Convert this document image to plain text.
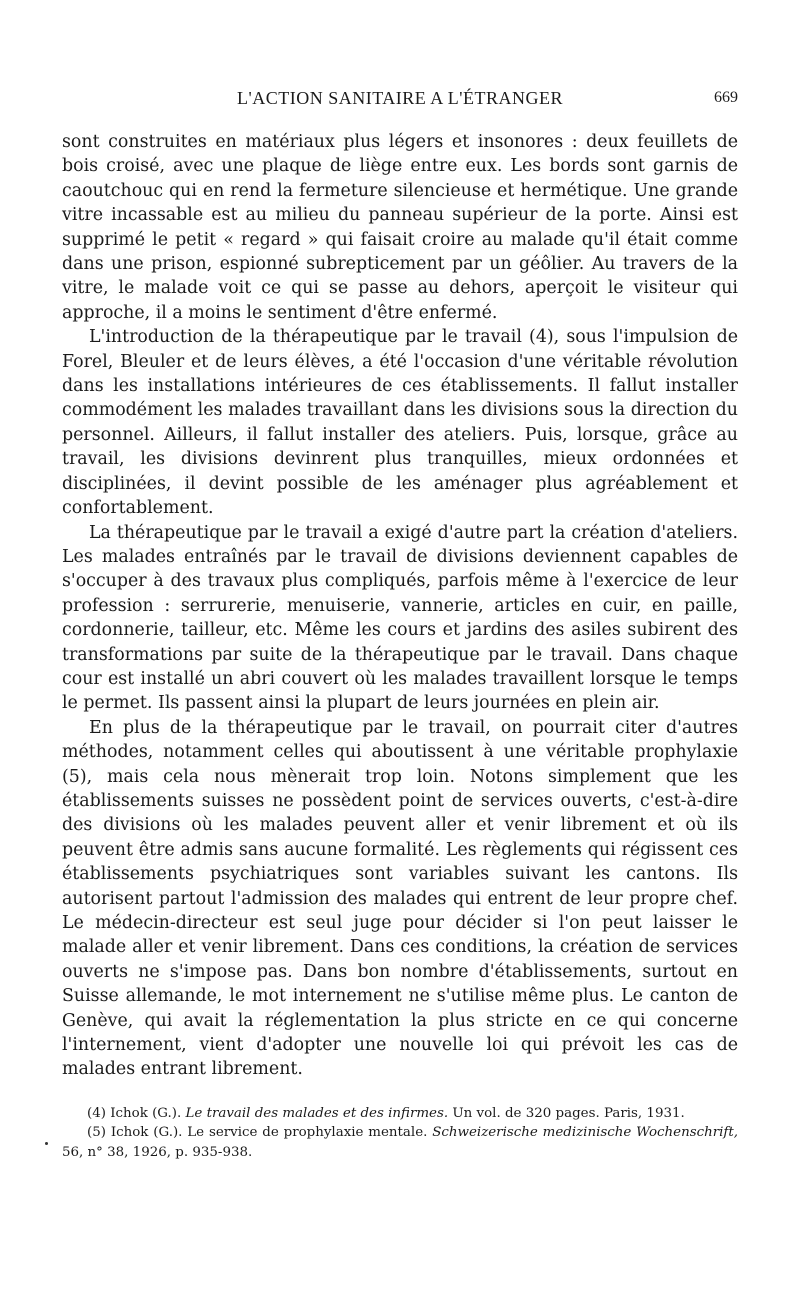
L'ACTION SANITAIRE A L'ÉTRANGER	669

sont construites en matériaux plus légers et insonores : deux feuillets de bois croisé, avec une plaque de liège entre eux. Les bords sont garnis de caoutchouc qui en rend la fermeture silencieuse et hermétique. Une grande vitre incassable est au milieu du panneau supérieur de la porte. Ainsi est supprimé le petit « regard » qui faisait croire au malade qu'il était comme dans une prison, espionné subrepticement par un géôlier. Au travers de la vitre, le malade voit ce qui se passe au dehors, aperçoit le visiteur qui approche, il a moins le sentiment d'être enfermé.

L'introduction de la thérapeutique par le travail (4), sous l'impulsion de Forel, Bleuler et de leurs élèves, a été l'occasion d'une véritable révolution dans les installations intérieures de ces établissements. Il fallut installer commodément les malades travaillant dans les divisions sous la direction du personnel. Ailleurs, il fallut installer des ateliers. Puis, lorsque, grâce au travail, les divisions devinrent plus tranquilles, mieux ordonnées et disciplinées, il devint possible de les aménager plus agréablement et confortablement.

La thérapeutique par le travail a exigé d'autre part la création d'ateliers. Les malades entraînés par le travail de divisions deviennent capables de s'occuper à des travaux plus compliqués, parfois même à l'exercice de leur profession : serrurerie, menuiserie, vannerie, articles en cuir, en paille, cordonnerie, tailleur, etc. Même les cours et jardins des asiles subirent des transformations par suite de la thérapeutique par le travail. Dans chaque cour est installé un abri couvert où les malades travaillent lorsque le temps le permet. Ils passent ainsi la plupart de leurs journées en plein air.

En plus de la thérapeutique par le travail, on pourrait citer d'autres méthodes, notamment celles qui aboutissent à une véritable prophylaxie (5), mais cela nous mènerait trop loin. Notons simplement que les établissements suisses ne possèdent point de services ouverts, c'est-à-dire des divisions où les malades peuvent aller et venir librement et où ils peuvent être admis sans aucune formalité. Les règlements qui régissent ces établissements psychiatriques sont variables suivant les cantons. Ils autorisent partout l'admission des malades qui entrent de leur propre chef. Le médecin-directeur est seul juge pour décider si l'on peut laisser le malade aller et venir librement. Dans ces conditions, la création de services ouverts ne s'impose pas. Dans bon nombre d'établissements, surtout en Suisse allemande, le mot internement ne s'utilise même plus. Le canton de Genève, qui avait la réglementation la plus stricte en ce qui concerne l'internement, vient d'adopter une nouvelle loi qui prévoit les cas de malades entrant librement.

(4) Ichok (G.). Le travail des malades et des infirmes. Un vol. de 320 pages. Paris, 1931.

(5) Ichok (G.). Le service de prophylaxie mentale. Schweizerische medizinische Wochenschrift, 56, n° 38, 1926, p. 935-938.
